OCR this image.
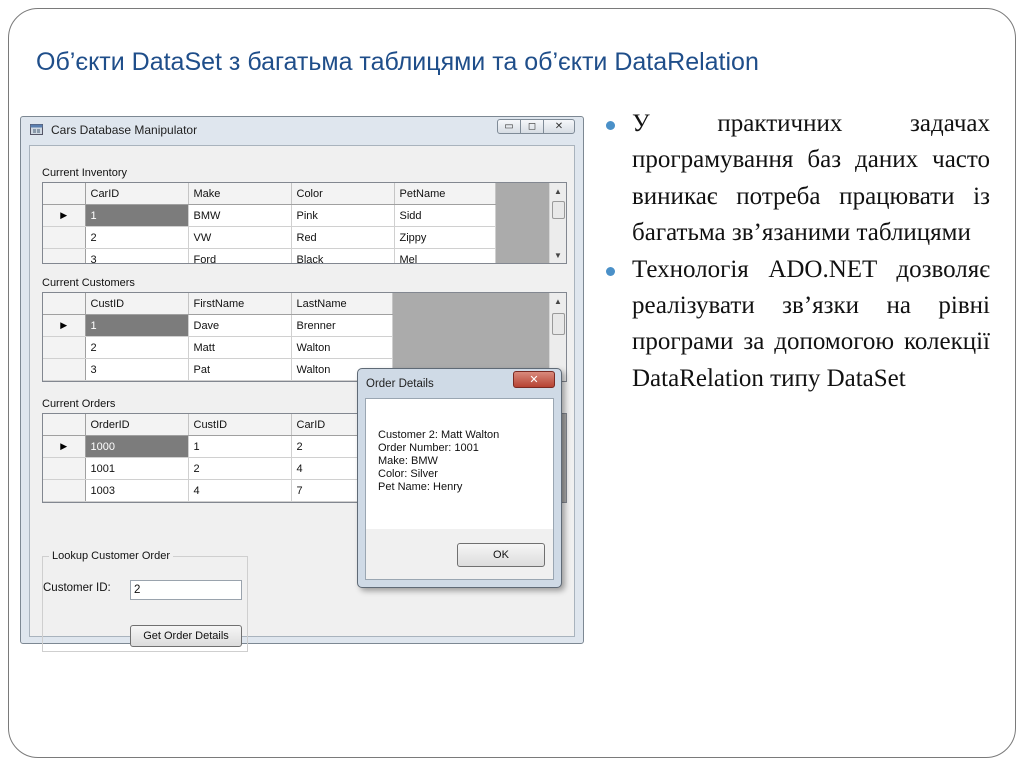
Об’єкти DataSet з багатьма таблицями та об’єкти DataRelation
Cars Database Manipulator	▭ ◻ ✕
Current Inventory
	CarID	Make	Color	PetName
▶	1	BMW	Pink	Sidd
	2	VW	Red	Zippy
	3	Ford	Black	Mel
▲
▼
Current Customers
	CustID	FirstName	LastName
▶	1	Dave	Brenner
	2	Matt	Walton
	3	Pat	Walton
▲
Current Orders
	OrderID	CustID	CarID
▶	1000	1	2
	1001	2	4
	1003	4	7
Lookup Customer Order
Customer ID:	2
Get Order Details
Order Details	✕
Customer 2: Matt Walton
Order Number: 1001
Make: BMW
Color: Silver
Pet Name: Henry
OK
У практичних задачах програмування баз даних часто виникає потреба працювати із багатьма зв’язаними таблицями
Технологія ADO.NET дозволяє реалізувати зв’язки на рівні програми за допомогою колекції DataRelation типу DataSet
